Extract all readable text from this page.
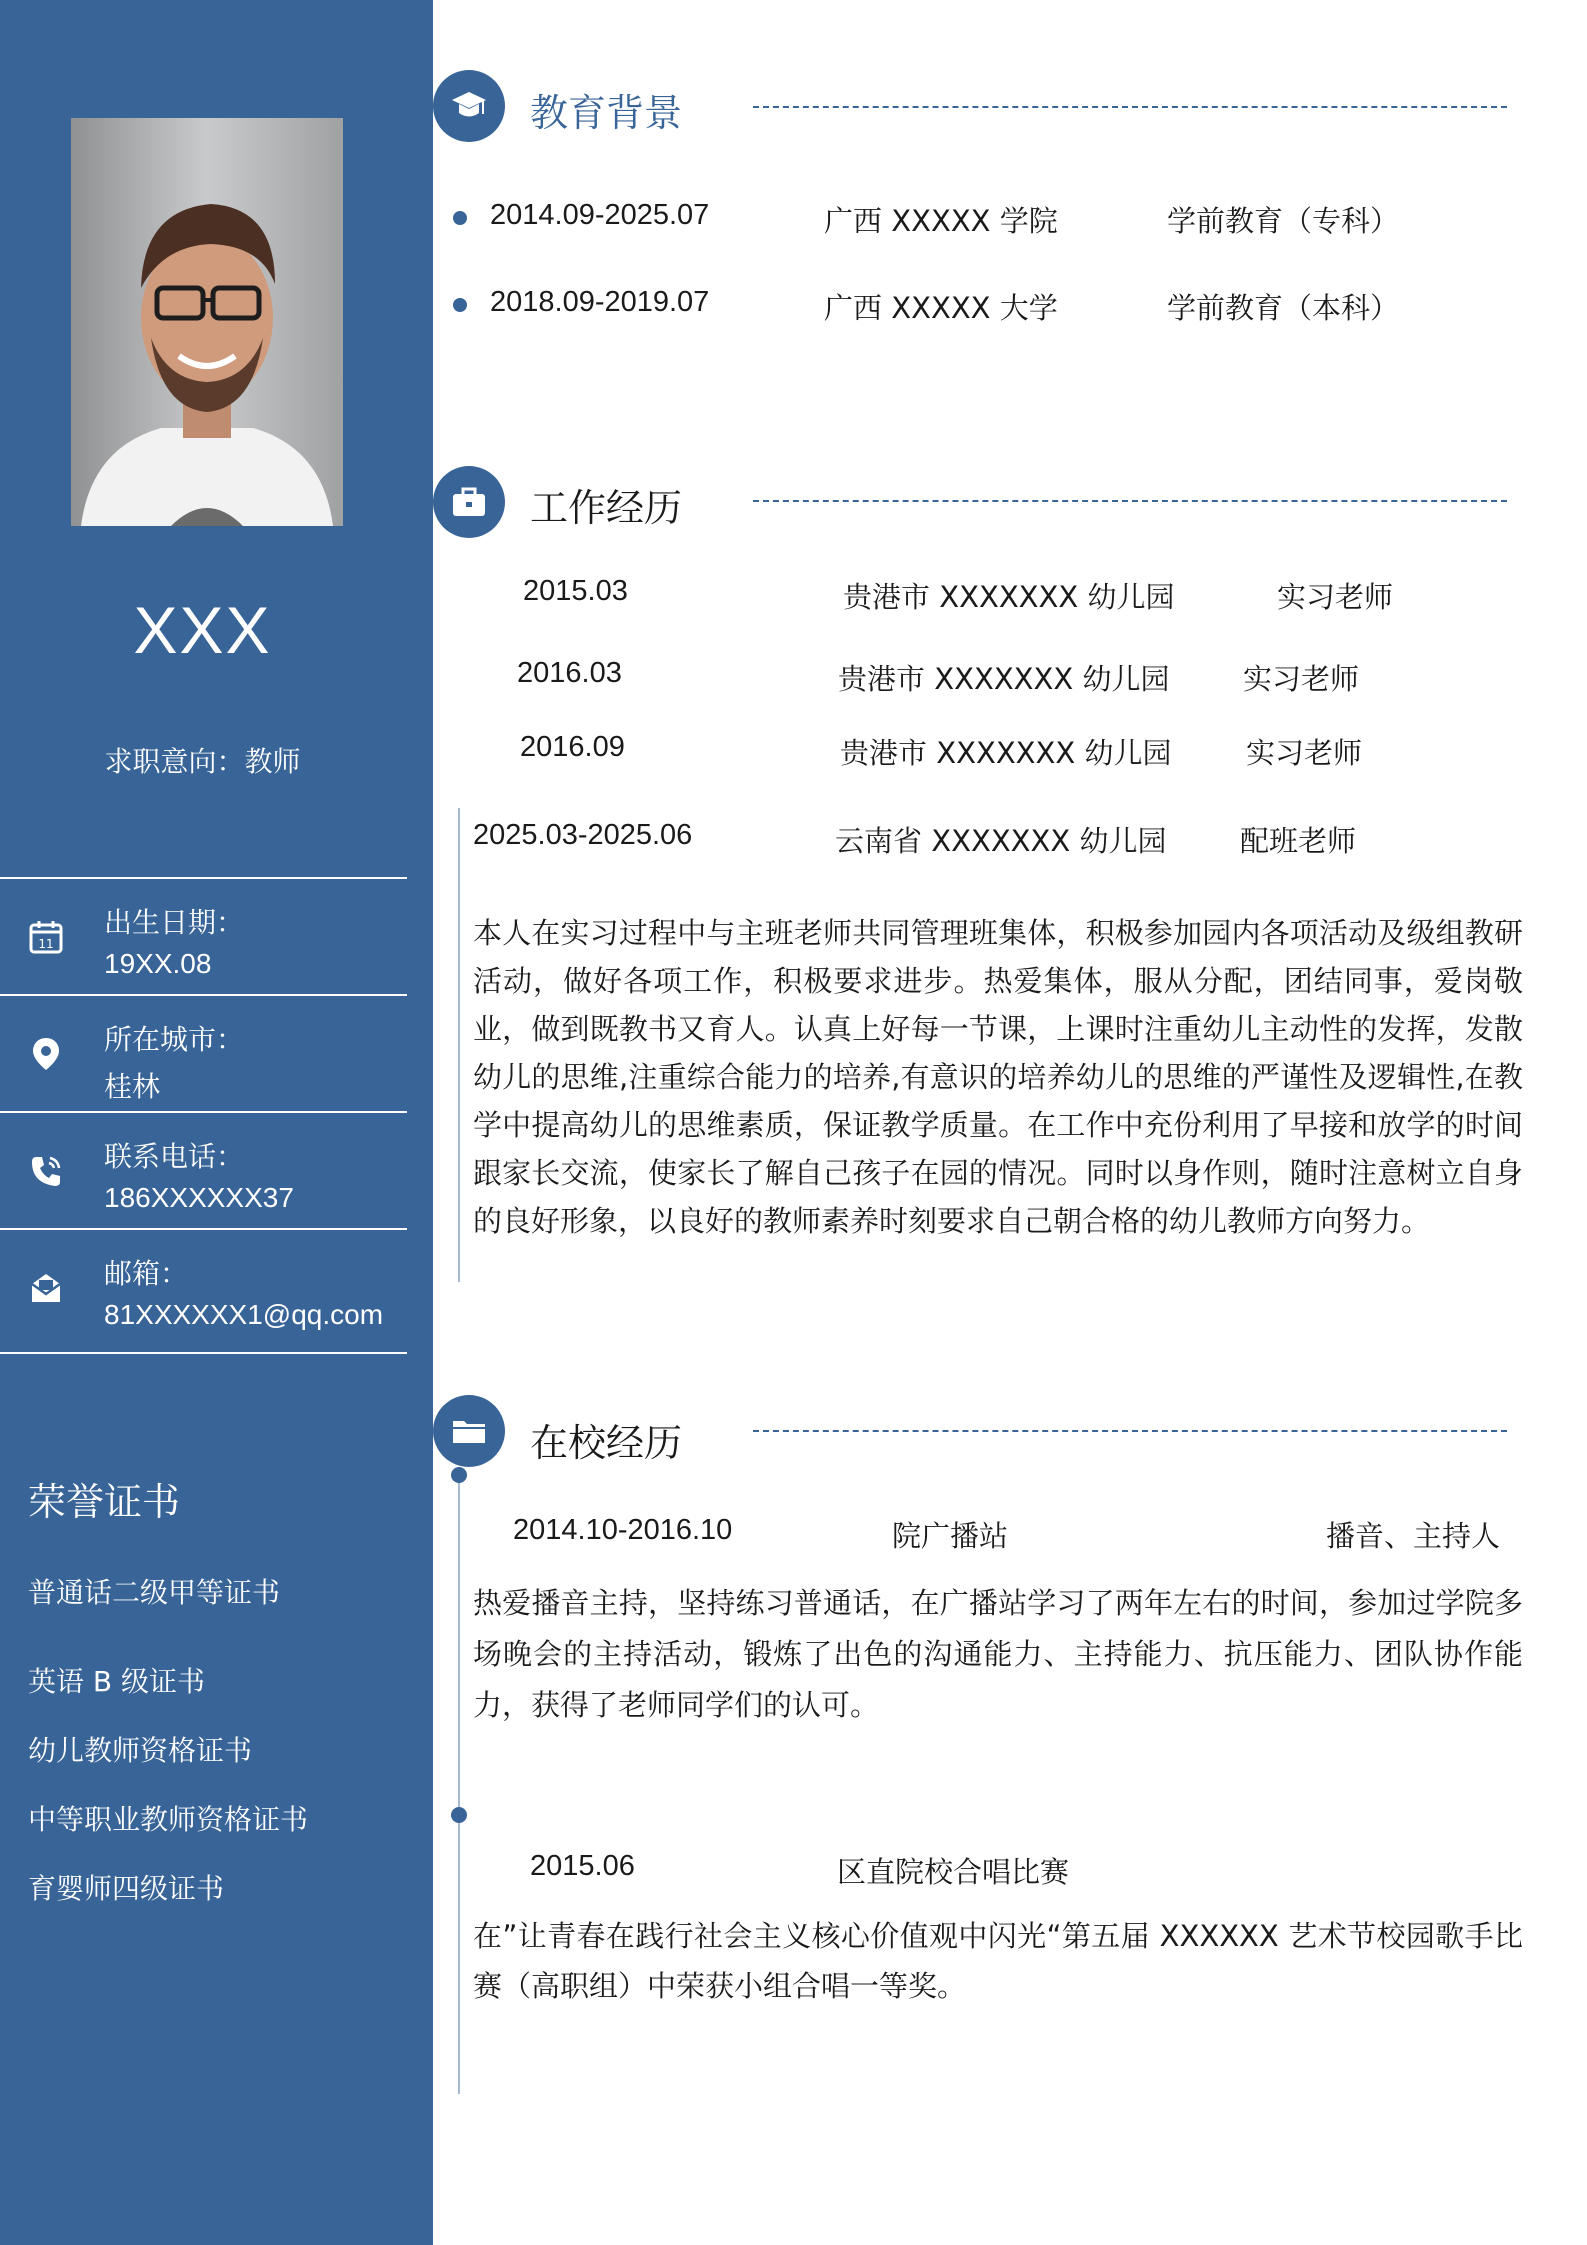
XXX
求职意向：教师
11
出生日期：
19XX.08
所在城市：
桂林
联系电话：
186XXXXXX37
邮箱：
81XXXXXX1@qq.com
荣誉证书
普通话二级甲等证书
英语 B 级证书
幼儿教师资格证书
中等职业教师资格证书
育婴师四级证书
教育背景
2014.09-2025.07	广西 XXXXX 学院	学前教育（专科）
2018.09-2019.07	广西 XXXXX 大学	学前教育（本科）
工作经历
2015.03	贵港市 XXXXXXX 幼儿园	实习老师
2016.03	贵港市 XXXXXXX 幼儿园	实习老师
2016.09	贵港市 XXXXXXX 幼儿园	实习老师
2025.03-2025.06	云南省 XXXXXXX 幼儿园	配班老师
本人在实习过程中与主班老师共同管理班集体，积极参加园内各项活动及级组教研活动，做好各项工作，积极要求进步。热爱集体，服从分配，团结同事，爱岗敬业，做到既教书又育人。认真上好每一节课，上课时注重幼儿主动性的发挥，发散幼儿的思维,注重综合能力的培养,有意识的培养幼儿的思维的严谨性及逻辑性,在教学中提高幼儿的思维素质，保证教学质量。在工作中充份利用了早接和放学的时间跟家长交流，使家长了解自己孩子在园的情况。同时以身作则，随时注意树立自身的良好形象，以良好的教师素养时刻要求自己朝合格的幼儿教师方向努力。
在校经历
2014.10-2016.10	院广播站	播音、主持人
热爱播音主持，坚持练习普通话，在广播站学习了两年左右的时间，参加过学院多场晚会的主持活动，锻炼了出色的沟通能力、主持能力、抗压能力、团队协作能力，获得了老师同学们的认可。
2015.06	区直院校合唱比赛
在”让青春在践行社会主义核心价值观中闪光“第五届 XXXXXX 艺术节校园歌手比赛（高职组）中荣获小组合唱一等奖。
